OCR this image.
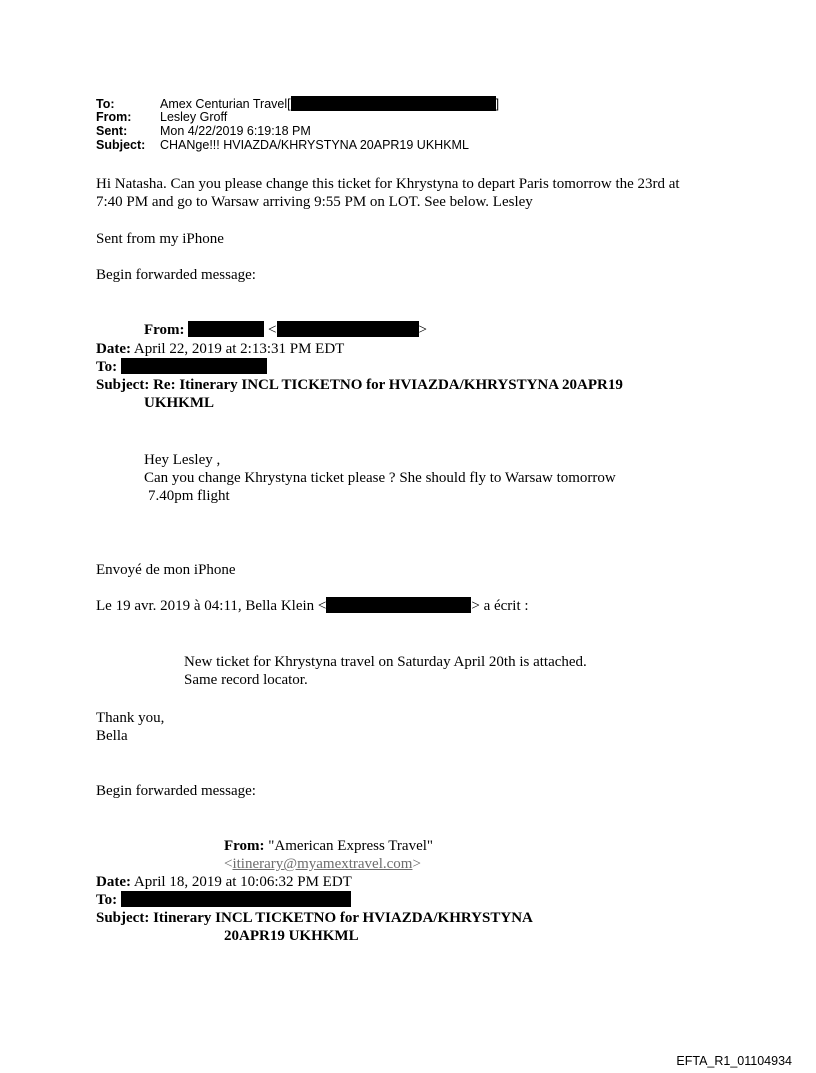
To:	Amex Centurian Travel[	]
From: Lesley Groff
Sent:	Mon 4/22/2019 6:19:18 PM
Subject: CHANge!!! HVIAZDA/KHRYSTYNA 20APR19 UKHKML
Hi Natasha. Can you please change this ticket for Khrystyna to depart Paris tomorrow the 23rd at
7:40 PM and go to Warsaw arriving 9:55 PM on LOT. See below. Lesley
Sent from my iPhone
Begin forwarded message:
From:	<	>
Date: April 22, 2019 at 2:13:31 PM EDT
To:
Subject: Re: Itinerary INCL TICKETNO for HVIAZDA/KHRYSTYNA 20APR19
UKHKML
Hey Lesley ,
Can you change Khrystyna ticket please ? She should fly to Warsaw tomorrow
7.40pm flight
Envoyé de mon iPhone
Le 19 avr. 2019 à 04:11, Bella Klein <	> a écrit :
New ticket for Khrystyna travel on Saturday April 20th is attached.
Same record locator.
Thank you,
Bella
Begin forwarded message:
From: "American Express Travel"
<itinerary@myamextravel.com>
Date: April 18, 2019 at 10:06:32 PM EDT
To:
Subject: Itinerary INCL TICKETNO for HVIAZDA/KHRYSTYNA
20APR19 UKHKML
EFTA_R1_01104934
